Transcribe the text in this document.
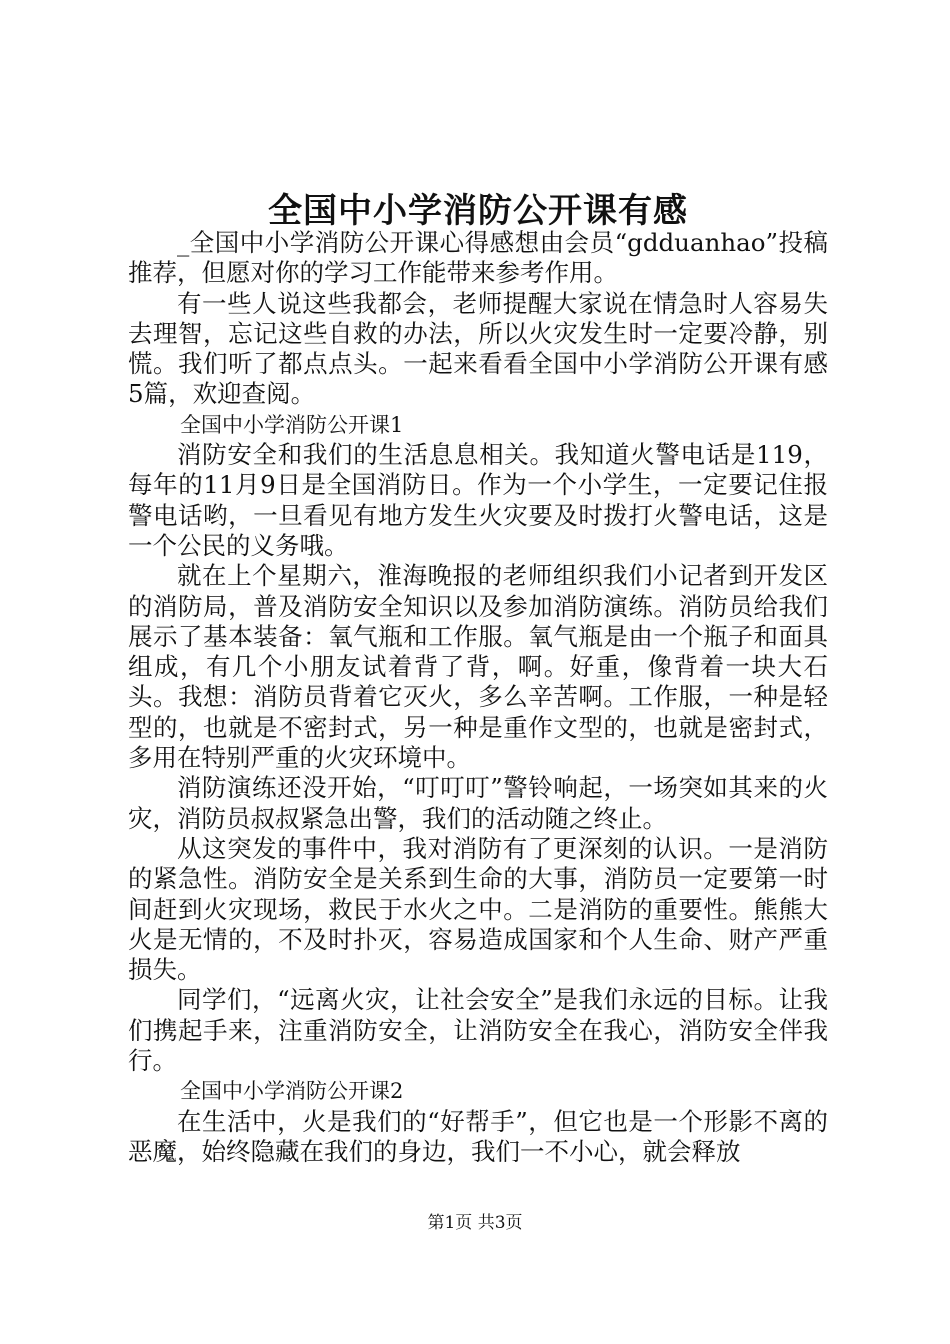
全国中小学消防公开课有感

_全国中小学消防公开课心得感想由会员“gdduanhao”投稿推荐，但愿对你的学习工作能带来参考作用。

有一些人说这些我都会，老师提醒大家说在情急时人容易失去理智，忘记这些自救的办法，所以火灾发生时一定要冷静，别慌。我们听了都点点头。一起来看看全国中小学消防公开课有感5篇，欢迎查阅。

全国中小学消防公开课1

消防安全和我们的生活息息相关。我知道火警电话是119，每年的11月9日是全国消防日。作为一个小学生，一定要记住报警电话哟，一旦看见有地方发生火灾要及时拨打火警电话，这是一个公民的义务哦。

就在上个星期六，淮海晚报的老师组织我们小记者到开发区的消防局，普及消防安全知识以及参加消防演练。消防员给我们展示了基本装备：氧气瓶和工作服。氧气瓶是由一个瓶子和面具组成，有几个小朋友试着背了背，啊。好重，像背着一块大石头。我想：消防员背着它灭火，多么辛苦啊。工作服，一种是轻型的，也就是不密封式，另一种是重作文型的，也就是密封式，多用在特别严重的火灾环境中。

消防演练还没开始，“叮叮叮”警铃响起，一场突如其来的火灾，消防员叔叔紧急出警，我们的活动随之终止。

从这突发的事件中，我对消防有了更深刻的认识。一是消防的紧急性。消防安全是关系到生命的大事，消防员一定要第一时间赶到火灾现场，救民于水火之中。二是消防的重要性。熊熊大火是无情的，不及时扑灭，容易造成国家和个人生命、财产严重损失。

同学们，“远离火灾，让社会安全”是我们永远的目标。让我们携起手来，注重消防安全，让消防安全在我心，消防安全伴我行。

全国中小学消防公开课2

在生活中，火是我们的“好帮手”，但它也是一个形影不离的恶魔，始终隐藏在我们的身边，我们一不小心，就会释放

第1页 共3页
